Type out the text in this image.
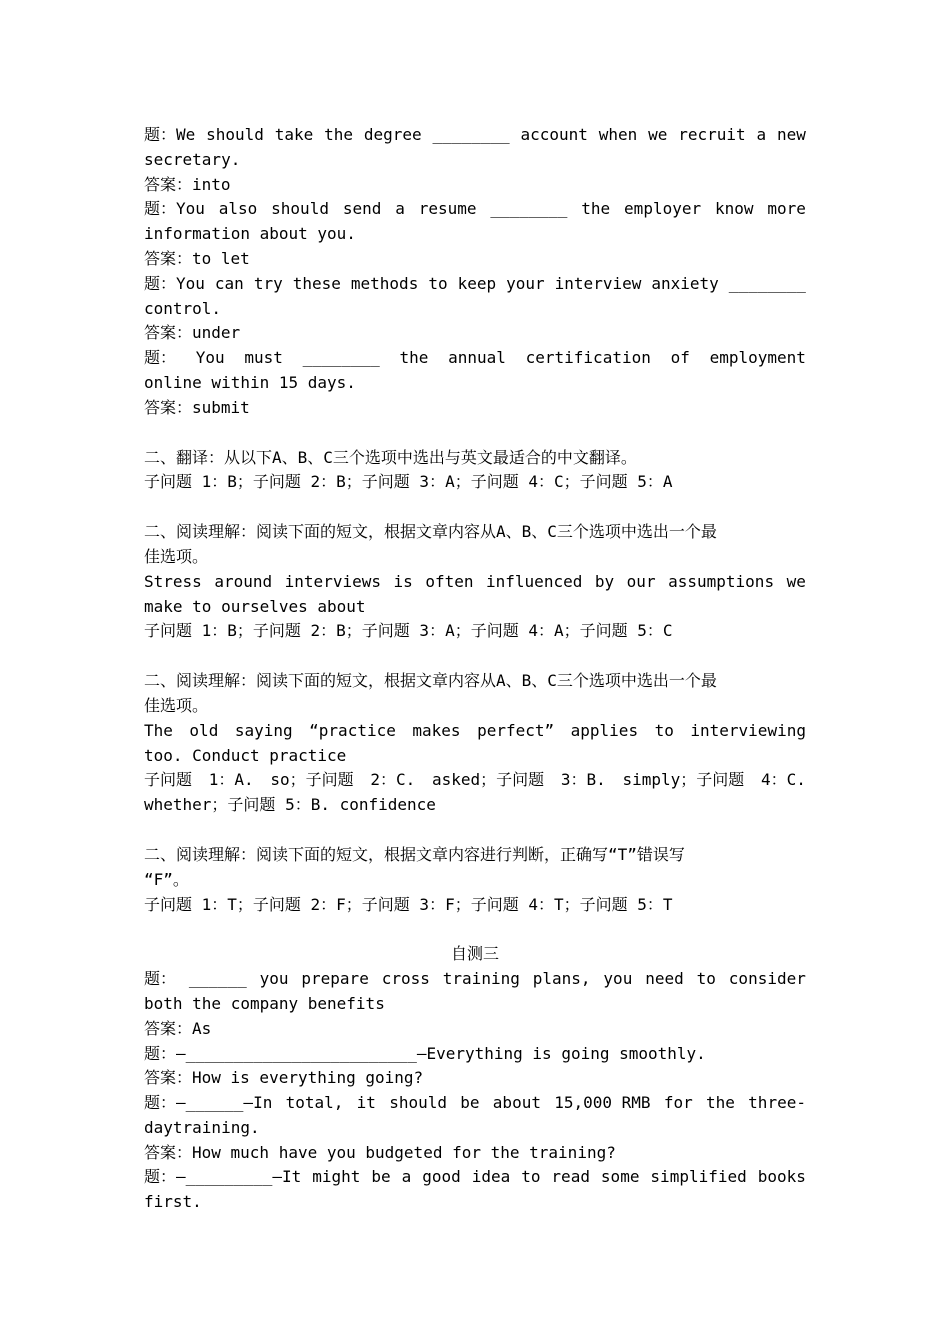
题：We should take the degree ________ account when we recruit a new
secretary.
答案：into
题：You also should send a resume ________ the employer know more
information about you.
答案：to let
题：You can try these methods to keep your interview anxiety ________
control.
答案：under
题： You must ________ the annual certification of employment
online within 15 days.
答案：submit
二、翻译：从以下A、B、C三个选项中选出与英文最适合的中文翻译。
子问题 1：B；子问题 2：B；子问题 3：A；子问题 4：C；子问题 5：A
二、阅读理解：阅读下面的短文，根据文章内容从A、B、C三个选项中选出一个最
佳选项。
Stress around interviews is often influenced by our assumptions we
make to ourselves about
子问题 1：B；子问题 2：B；子问题 3：A；子问题 4：A；子问题 5：C
二、阅读理解：阅读下面的短文，根据文章内容从A、B、C三个选项中选出一个最
佳选项。
The old saying “practice makes perfect” applies to interviewing
too. Conduct practice
子问题 1：A. so；子问题 2：C. asked；子问题 3：B. simply；子问题 4：C.
whether；子问题 5：B. confidence
二、阅读理解：阅读下面的短文，根据文章内容进行判断，正确写“T”错误写
“F”。
子问题 1：T；子问题 2：F；子问题 3：F；子问题 4：T；子问题 5：T
自测三
题： ______ you prepare cross training plans, you need to consider
both the company benefits
答案：As
题：—________________________—Everything is going smoothly.
答案：How is everything going?
题：—______—In total, it should be about 15,000 RMB for the three-
daytraining.
答案：How much have you budgeted for the training?
题：—_________—It might be a good idea to read some simplified books
first.
